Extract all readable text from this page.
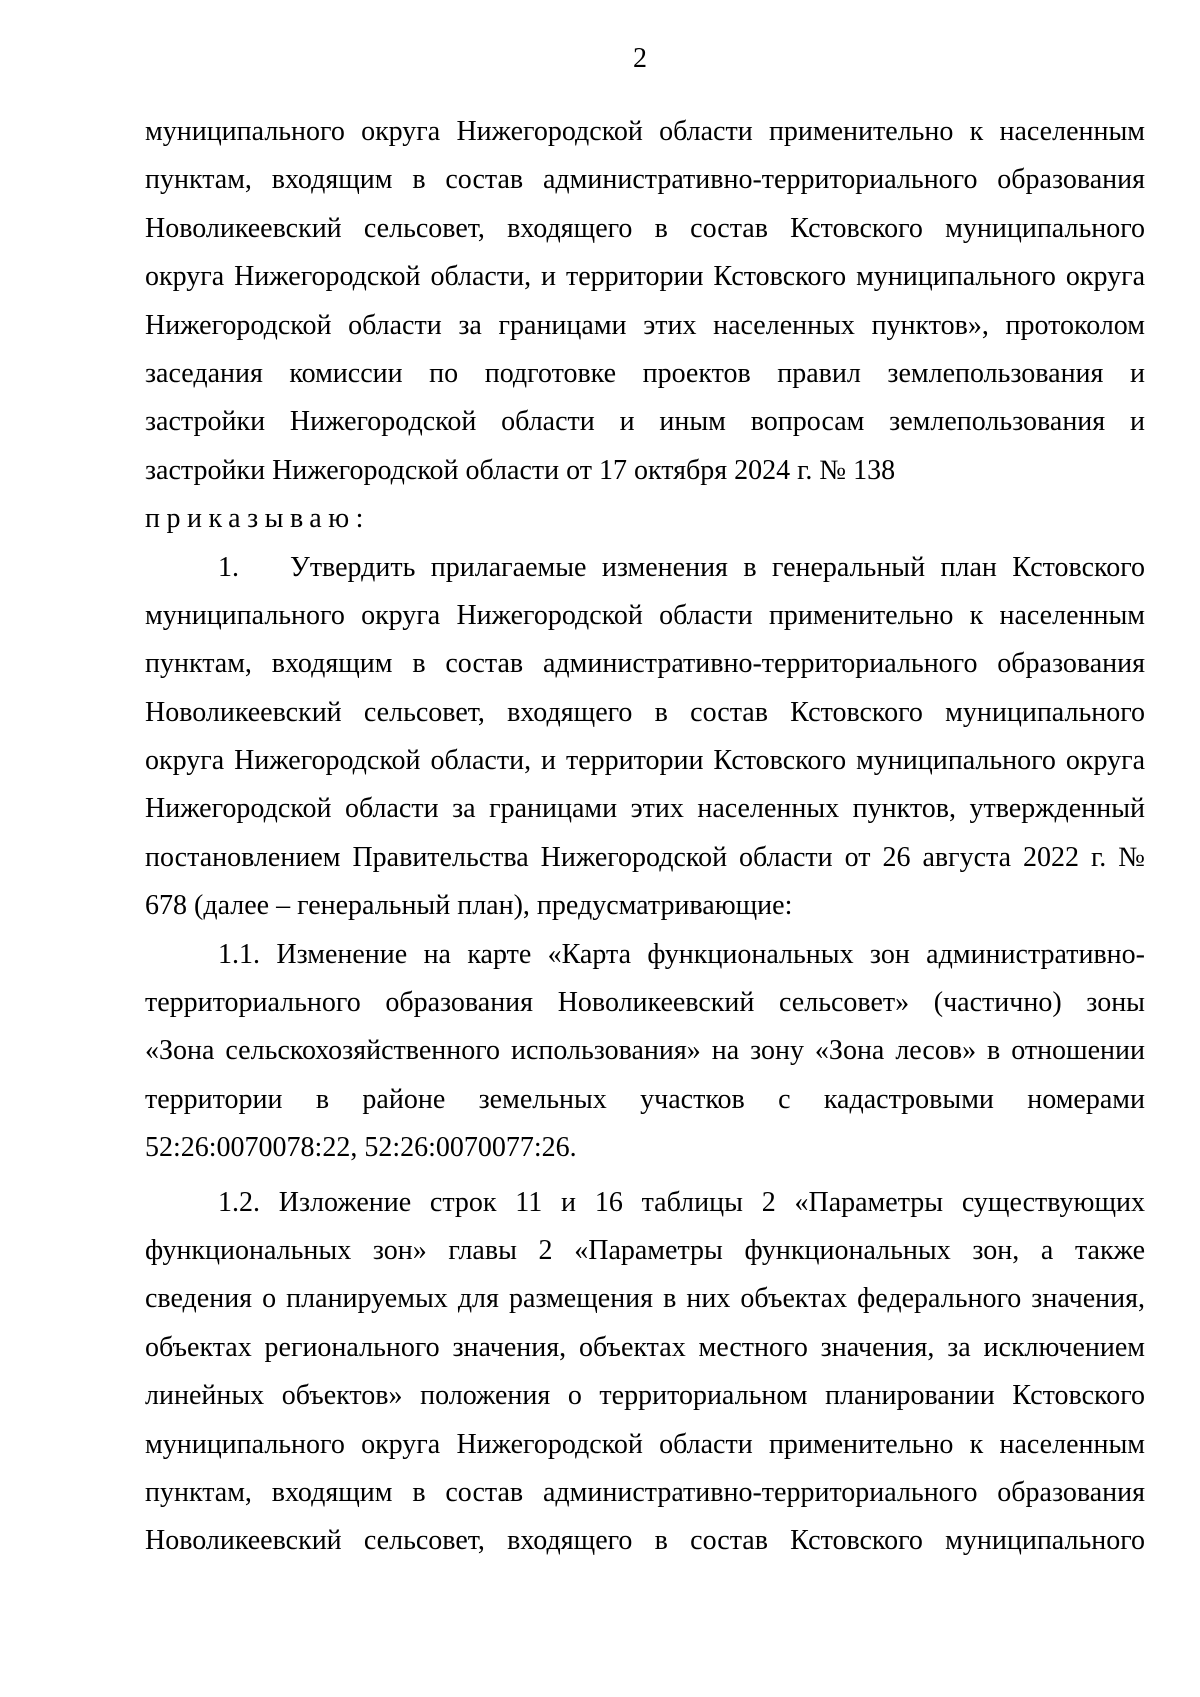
2
муниципального округа Нижегородской области применительно к населенным
пунктам, входящим в состав административно-территориального образования
Новоликеевский сельсовет, входящего в состав Кстовского муниципального
округа Нижегородской области, и территории Кстовского муниципального округа
Нижегородской области за границами этих населенных пунктов», протоколом
заседания комиссии по подготовке проектов правил землепользования и
застройки Нижегородской области и иным вопросам землепользования и
застройки Нижегородской области от 17 октября 2024 г. № 138
приказываю:
1. Утвердить прилагаемые изменения в генеральный план Кстовского
муниципального округа Нижегородской области применительно к населенным
пунктам, входящим в состав административно-территориального образования
Новоликеевский сельсовет, входящего в состав Кстовского муниципального
округа Нижегородской области, и территории Кстовского муниципального округа
Нижегородской области за границами этих населенных пунктов, утвержденный
постановлением Правительства Нижегородской области от 26 августа 2022 г. №
678 (далее – генеральный план), предусматривающие:
1.1. Изменение на карте «Карта функциональных зон административно-
территориального образования Новоликеевский сельсовет» (частично) зоны
«Зона сельскохозяйственного использования» на зону «Зона лесов» в отношении
территории в районе земельных участков с кадастровыми номерами
52:26:0070078:22, 52:26:0070077:26.
1.2. Изложение строк 11 и 16 таблицы 2 «Параметры существующих
функциональных зон» главы 2 «Параметры функциональных зон, а также
сведения о планируемых для размещения в них объектах федерального значения,
объектах регионального значения, объектах местного значения, за исключением
линейных объектов» положения о территориальном планировании Кстовского
муниципального округа Нижегородской области применительно к населенным
пунктам, входящим в состав административно-территориального образования
Новоликеевский сельсовет, входящего в состав Кстовского муниципального
